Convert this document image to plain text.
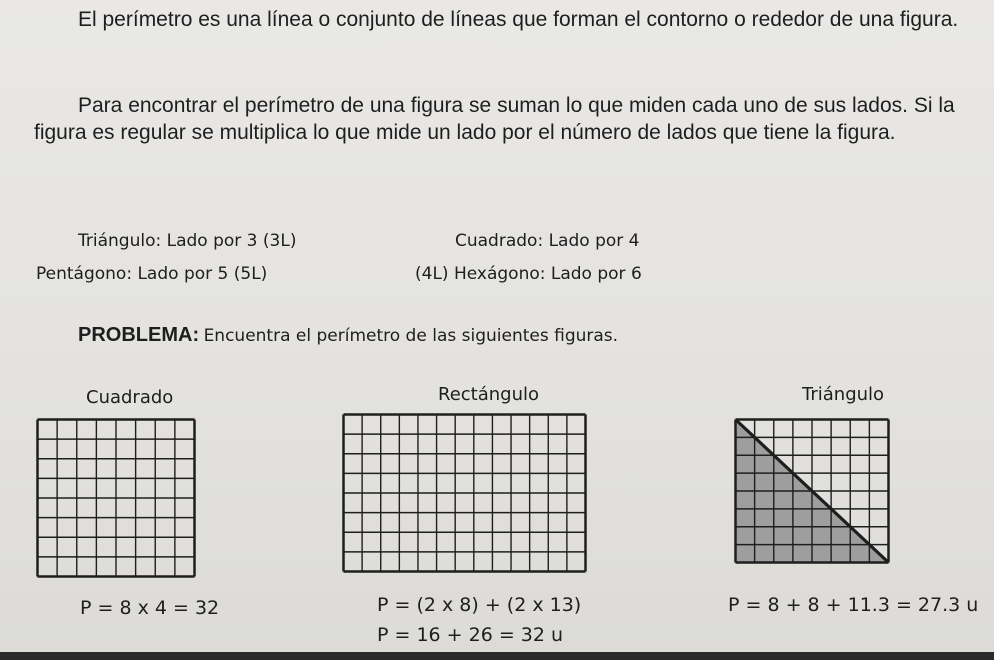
El perímetro es una línea o conjunto de líneas que forman el contorno o rededor de una figura.

Para encontrar el perímetro de una figura se suman lo que miden cada uno de sus lados. Si la figura es regular se multiplica lo que mide un lado por el número de lados que tiene la figura.

Triángulo: Lado por 3 (3L)	Cuadrado: Lado por 4
Pentágono: Lado por 5 (5L)	(4L) Hexágono: Lado por 6
PROBLEMA: Encuentra el perímetro de las siguientes figuras.
Cuadrado	Rectángulo	Triángulo
P = 8 x 4 = 32	P = (2 x 8) + (2 x 13)
P = 16 + 26 = 32 u
P = 8 + 8 + 11.3 = 27.3 u
